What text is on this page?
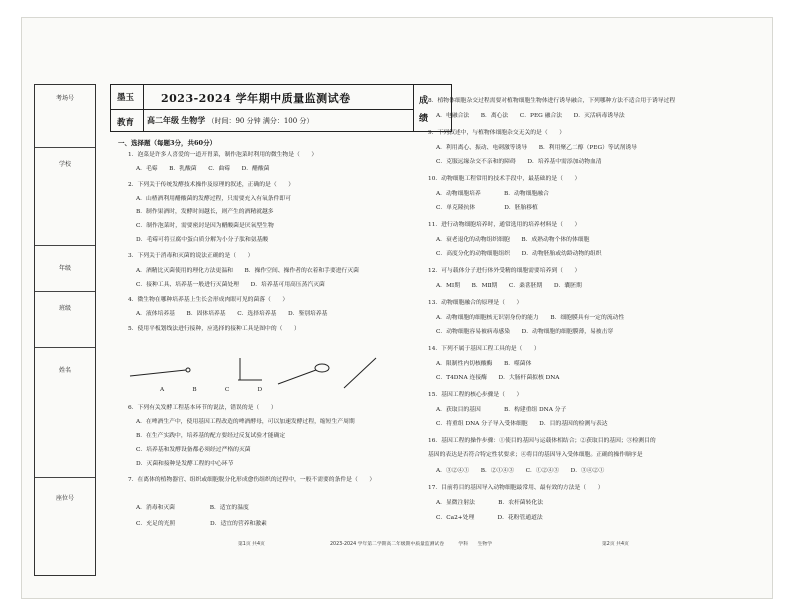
考场号
学校
年级
班级
姓名
座位号
墨玉
教育
2023-2024 学年期中质量监测试卷
高二年级 生物学 （时间：90 分钟 满分：100 分）
成
绩
一、选择题（每题3分，共60分）
1．泡菜是许多人喜爱的一道开胃菜，制作泡菜时利用的微生物是（　　）
A．毛霉　　B．乳酸菌　　C．曲霉　　D．醋酸菌
2．下列关于传统发酵技术操作及原理的叙述，正确的是（　　）
A．山楂酒利用醋酸菌的发酵过程，只需要充入有氧条件即可
B．制作果酒时，发酵时间越长，则产生的酒精就越多
C．制作泡菜时，需要密封是因为醋酸菌是厌氧型生物
D．毛霉可将豆腐中蛋白质分解为小分子肽和氨基酸
3．下列关于消毒和灭菌的说法正确的是（　　）
A．酒精比灭菌使用的理化方法更温和　　B．操作空间、操作者的衣着和手要进行灭菌
C．接种工具、培养基一般进行灭菌处理　　D．培养基可用高压蒸汽灭菌
4．微生物在哪种培养基上生长会形成肉眼可见的菌落（　　）
A．液体培养基　　B．固体培养基　　C．选择培养基　　D．鉴别培养基
5．使用平板划线法进行接种，应选择的接种工具是图中的（　　）
A　　　　B　　　　C　　　　D
6．下列有关发酵工程基本环节的说法，错误的是（　　）
A．在啤酒生产中，使用基因工程改造的啤酒酵母，可以加速发酵过程，缩短生产周期
B．在生产实践中，培养基的配方要经过反复试验才能确定
C．培养基和发酵设备都必须经过严格的灭菌
D．灭菌和接种是发酵工程的中心环节
7．在离体的植物器官、组织或细胞脱分化形成愈伤组织的过程中，一般不需要的条件是（　　）
A．消毒和灭菌　　　　　　B．适宜的温度
C．充足的光照　　　　　　D．适宜的营养和激素
8．植物体细胞杂交过程需要对植物细胞生物体进行诱导融合，下列哪种方法不适合用于诱导过程
A．电融合法　　B．离心法　　C．PEG 融合法　　D．灭活病毒诱导法
9．下列叙述中，与植物体细胞杂交无关的是（　　）
A．利用离心、振动、电刺激等诱导　　B．利用聚乙二醇（PEG）等试剂诱导
C．克服远缘杂交不亲和的障碍　　D．培养基中需添加动物血清
10．动物细胞工程常用的技术手段中，最基础的是（　　）
A．动物细胞培养　　　　B．动物细胞融合
C．单克隆抗体　　　　　D．胚胎移植
11．进行动物细胞培养时，通常选用的培养材料是（　　）
A．衰老退化的动物组织细胞　　B．成熟动物个体的体细胞
C．高度分化的动物细胞组织　　D．动物胚胎或幼龄动物的组织
12．可与载体分子进行体外受精的细胞需要培养到（　　）
A．MⅠ期　　B．MⅡ期　　C．桑葚胚期　　D．囊胚期
13．动物细胞融合的原理是（　　）
A．动物细胞的细胞核无识别身份的能力　　B．细胞膜具有一定的流动性
C．动物细胞容易被病毒感染　　D．动物细胞的细胞膜薄，易被击穿
14．下列不属于基因工程工具的是（　　）
A．限制性内切核酸酶　　B．噬菌体
C．T4DNA 连接酶　　D．大肠杆菌拟核 DNA
15．基因工程的核心步骤是（　　）
A．获取目的基因　　　　B．构建重组 DNA 分子
C．将重组 DNA 分子导入受体细胞　　D．目的基因的检测与表达
16．基因工程的操作步骤：①使目的基因与运载体相结合；②获取目的基因；③检测目的
基因的表达是否符合特定性状要求；④将目的基因导入受体细胞。正确的操作顺序是
A．③②④①　　B．②①④③　　C．①②④③　　D．③④②①
17．目前将目的基因导入动物细胞最常用、最有效的方法是（　　）
A．显微注射法　　　　B．农杆菌转化法
C．Ca2+处理　　　　D．花粉管通道法
第1页 共4页	2023-2024 学年第二学期高二年级期中质量监测试卷　　　学科　　生物学	第2页 共4页
